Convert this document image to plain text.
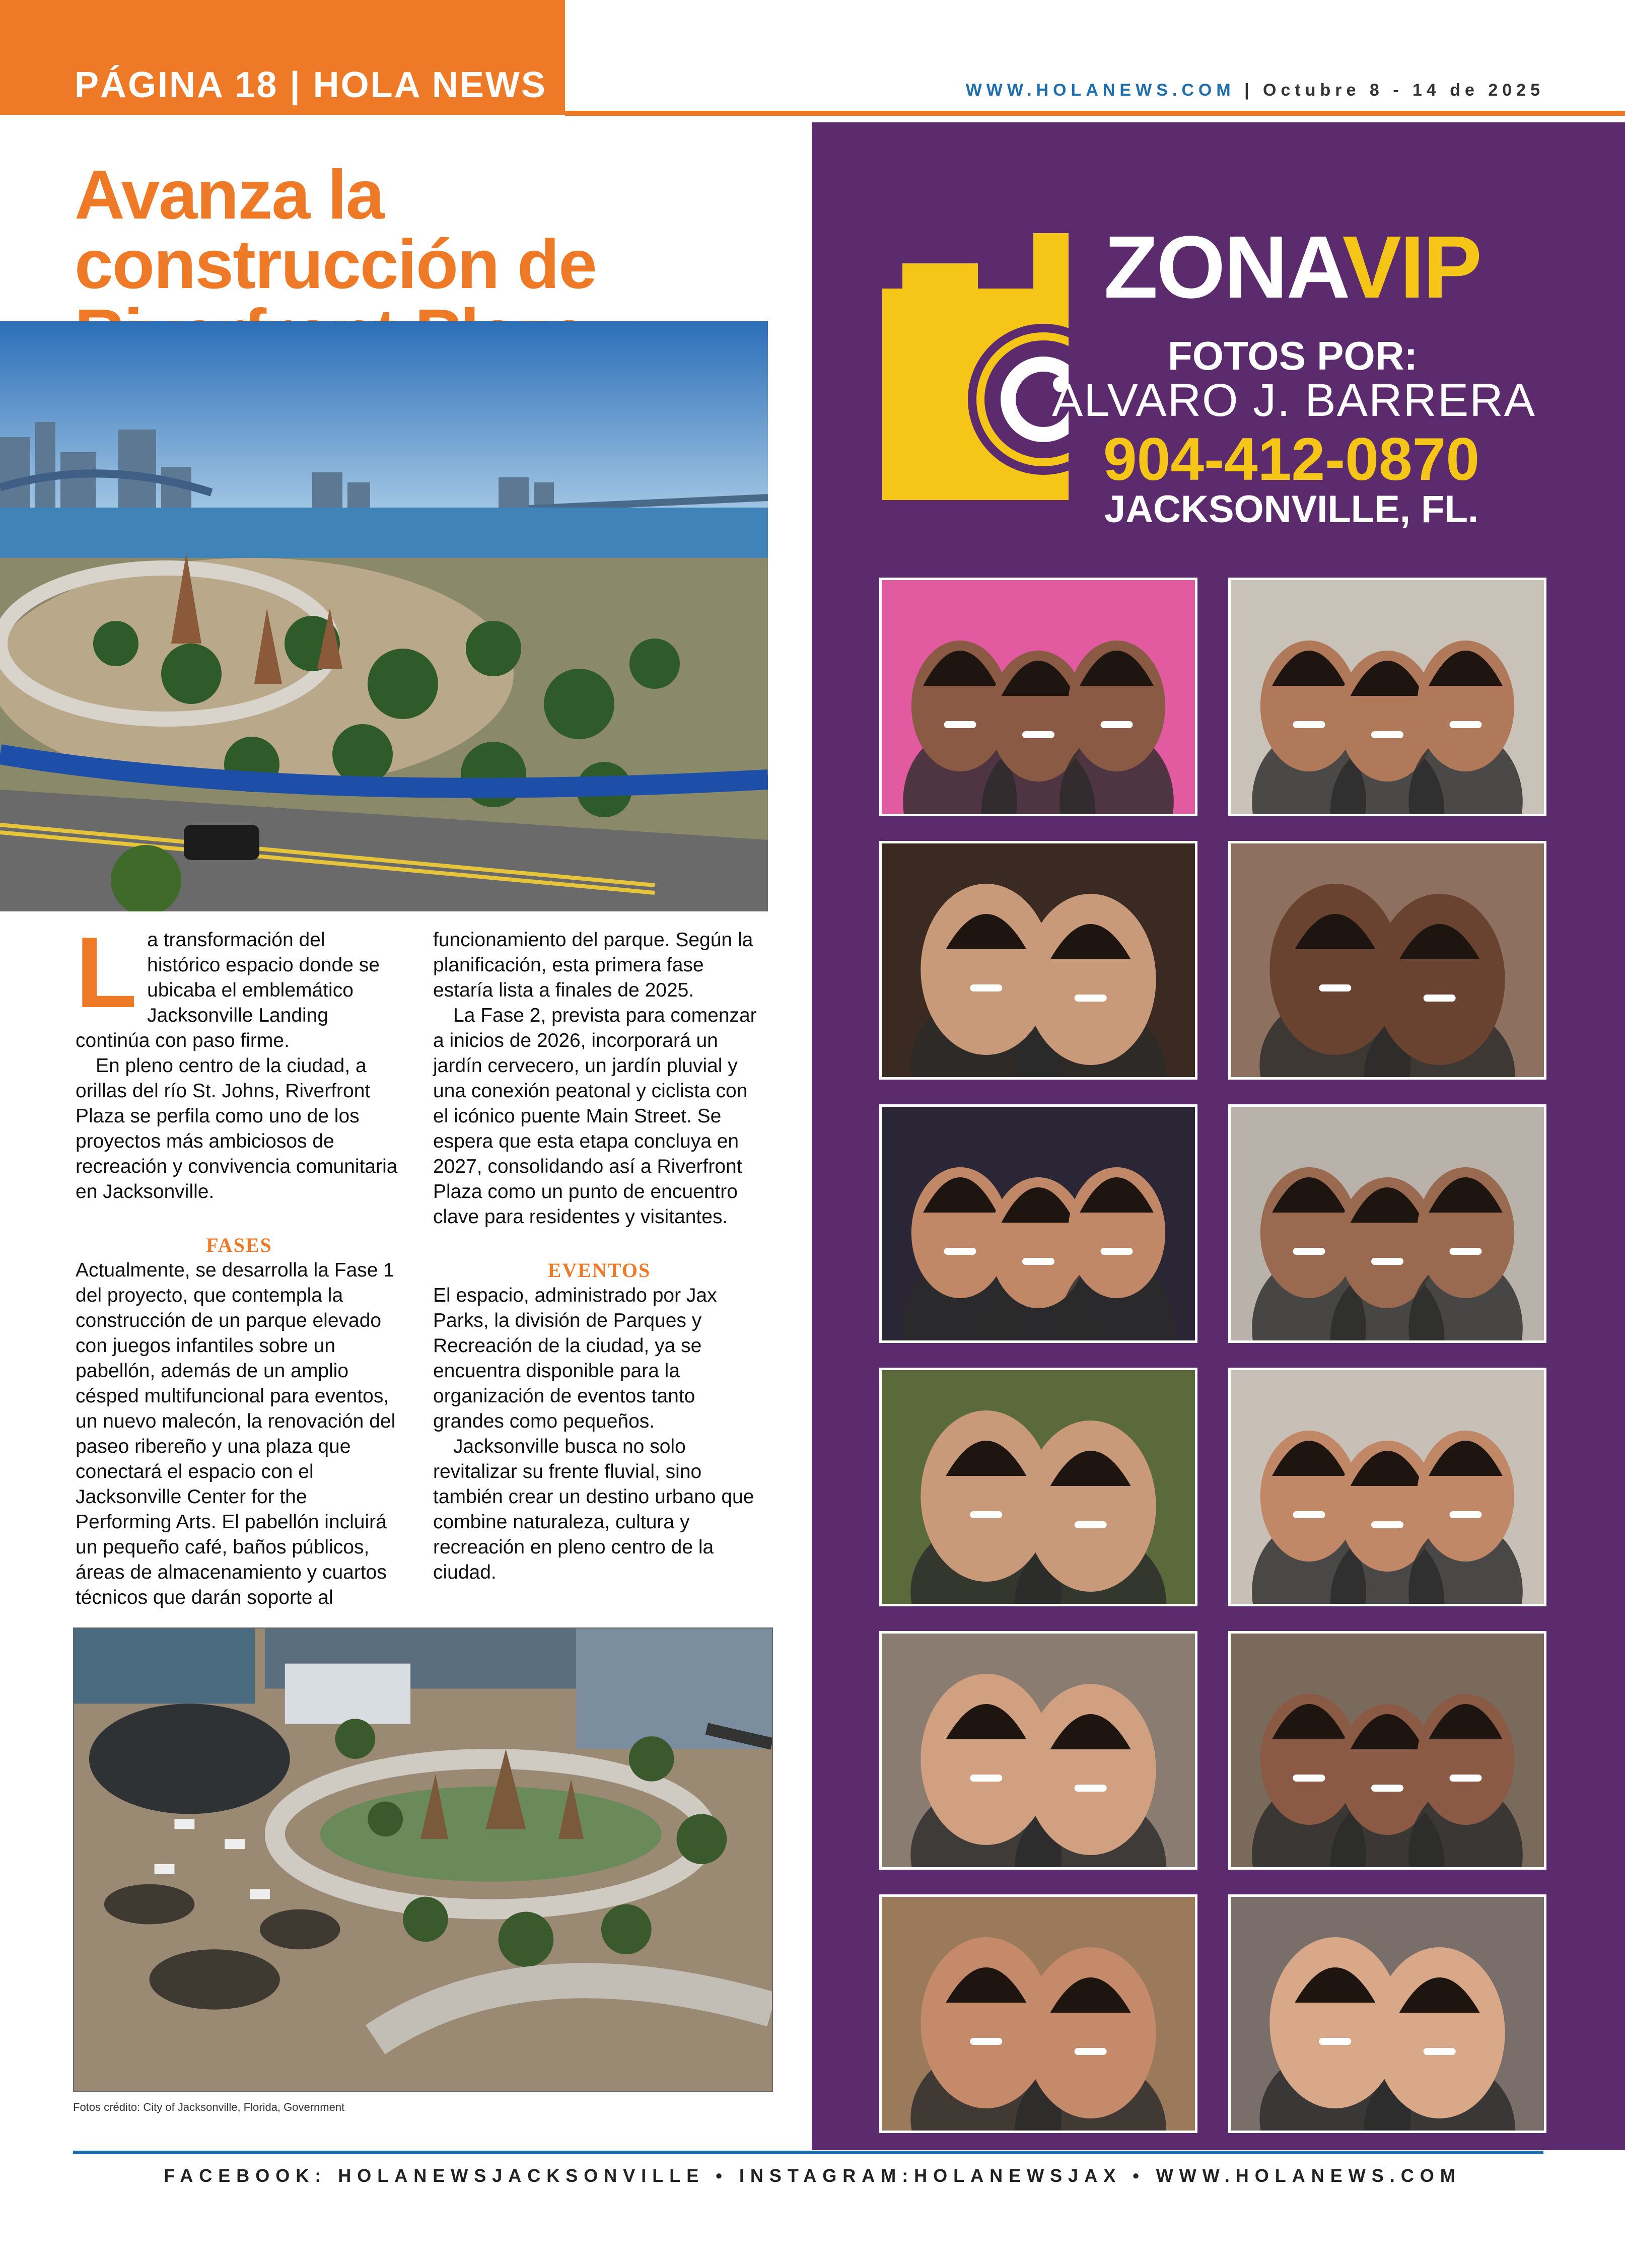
PÁGINA 18 | HOLA NEWS	WWW.HOLANEWS.COM | Octubre 8 - 14 de 2025
Avanza la construcción de
L a transformación del histórico espacio donde se ubicaba el emblemático Jacksonville Landing continúa con paso firme.

En pleno centro de la ciudad, a orillas del río St. Johns, Riverfront Plaza se perfila como uno de los proyectos más ambiciosos de recreación y convivencia comunitaria en Jacksonville.

FASES

Actualmente, se desarrolla la Fase 1 del proyecto, que contempla la construcción de un parque elevado con juegos infantiles sobre un pabellón, además de un amplio césped multifuncional para eventos, un nuevo malecón, la renovación del paseo ribereño y una plaza que conectará el espacio con el Jacksonville Center for the Performing Arts. El pabellón incluirá un pequeño café, baños públicos, áreas de almacenamiento y cuartos técnicos que darán soporte al

funcionamiento del parque. Según la planificación, esta primera fase estaría lista a finales de 2025.

La Fase 2, prevista para comenzar a inicios de 2026, incorporará un jardín cervecero, un jardín pluvial y una conexión peatonal y ciclista con el icónico puente Main Street. Se espera que esta etapa concluya en 2027, consolidando así a Riverfront Plaza como un punto de encuentro clave para residentes y visitantes.

EVENTOS

El espacio, administrado por Jax Parks, la división de Parques y Recreación de la ciudad, ya se encuentra disponible para la organización de eventos tanto grandes como pequeños.

Jacksonville busca no solo revitalizar su frente fluvial, sino también crear un destino urbano que combine naturaleza, cultura y recreación en pleno centro de la ciudad.

Fotos crédito: City of Jacksonville, Florida, Government
ZONAVIP
FOTOS POR:
ALVARO J. BARRERA
904-412-0870
JACKSONVILLE, FL.
FACEBOOK: HOLANEWSJACKSONVILLE • INSTAGRAM:HOLANEWSJAX • WWW.HOLANEWS.COM
